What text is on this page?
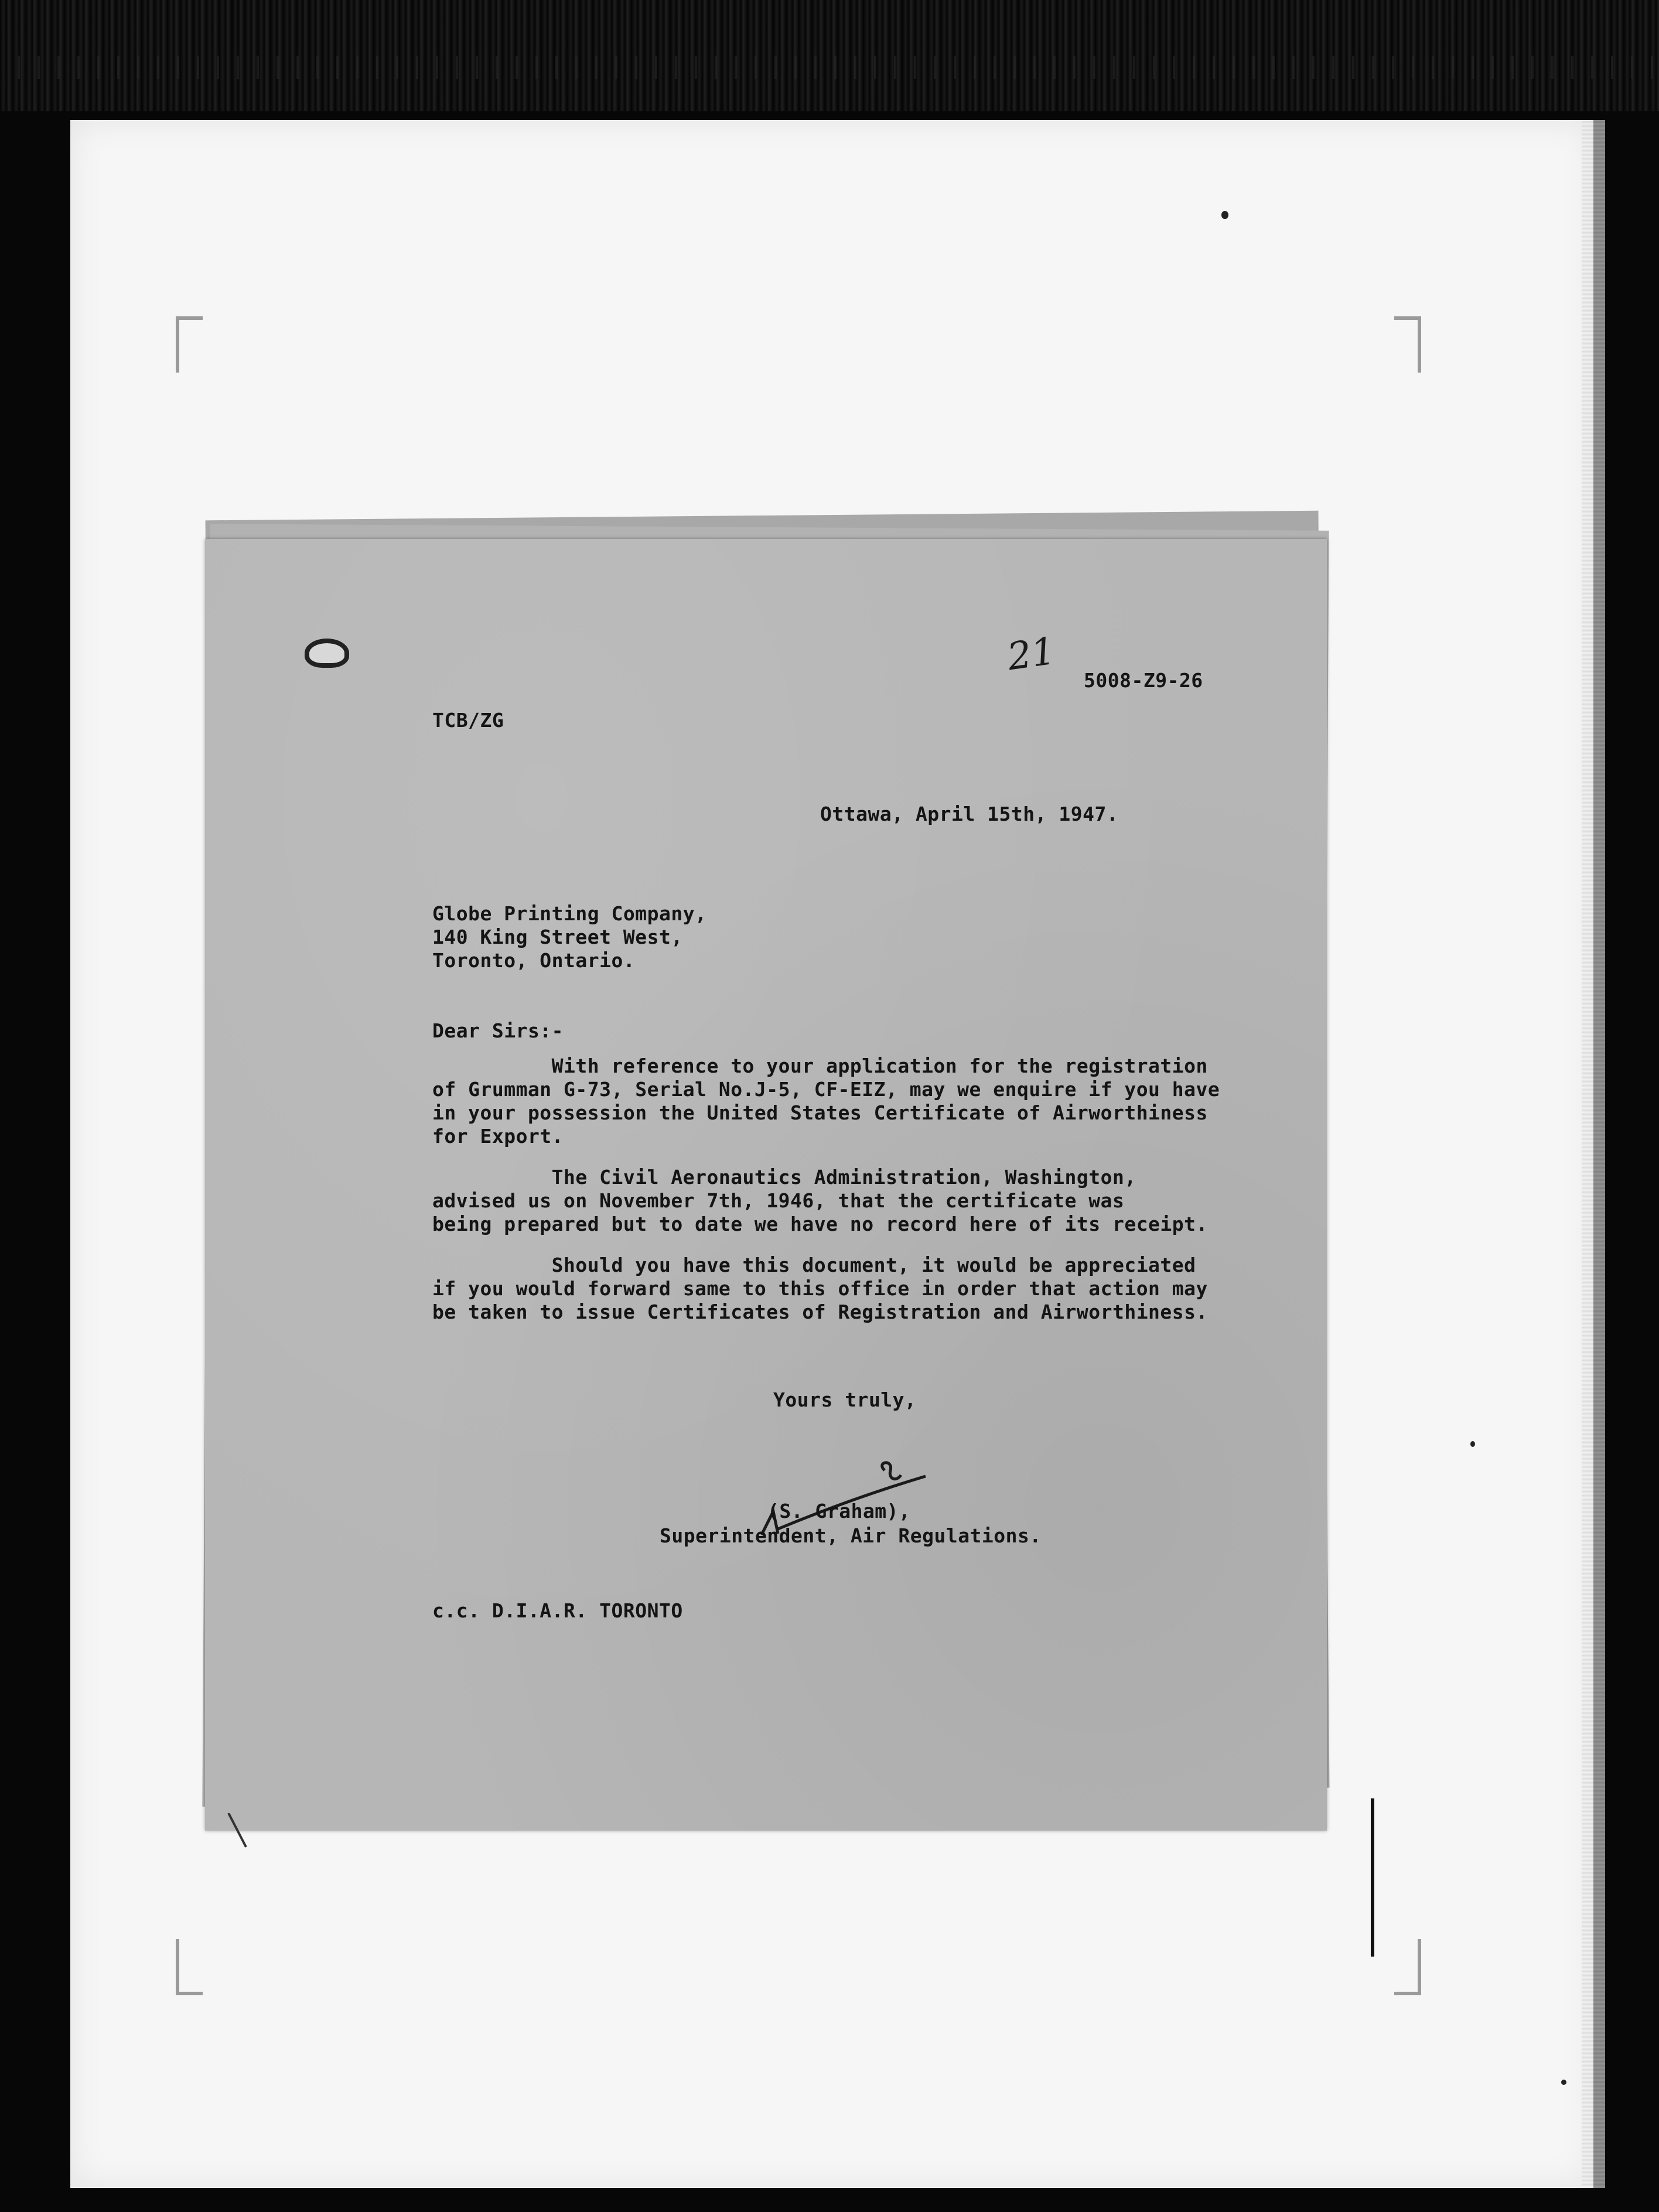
21

5008-Z9-26

TCB/ZG

Ottawa, April 15th, 1947.

Globe Printing Company,

140 King Street West,

Toronto, Ontario.

Dear Sirs:-

With reference to your application for the registration

of Grumman G-73, Serial No.J-5, CF-EIZ, may we enquire if you have

in your possession the United States Certificate of Airworthiness

for Export.

The Civil Aeronautics Administration, Washington,

advised us on November 7th, 1946, that the certificate was

being prepared but to date we have no record here of its receipt.

Should you have this document, it would be appreciated

if you would forward same to this office in order that action may

be taken to issue Certificates of Registration and Airworthiness.

Yours truly,

(S. Graham),

Superintendent, Air Regulations.

c.c. D.I.A.R. TORONTO
